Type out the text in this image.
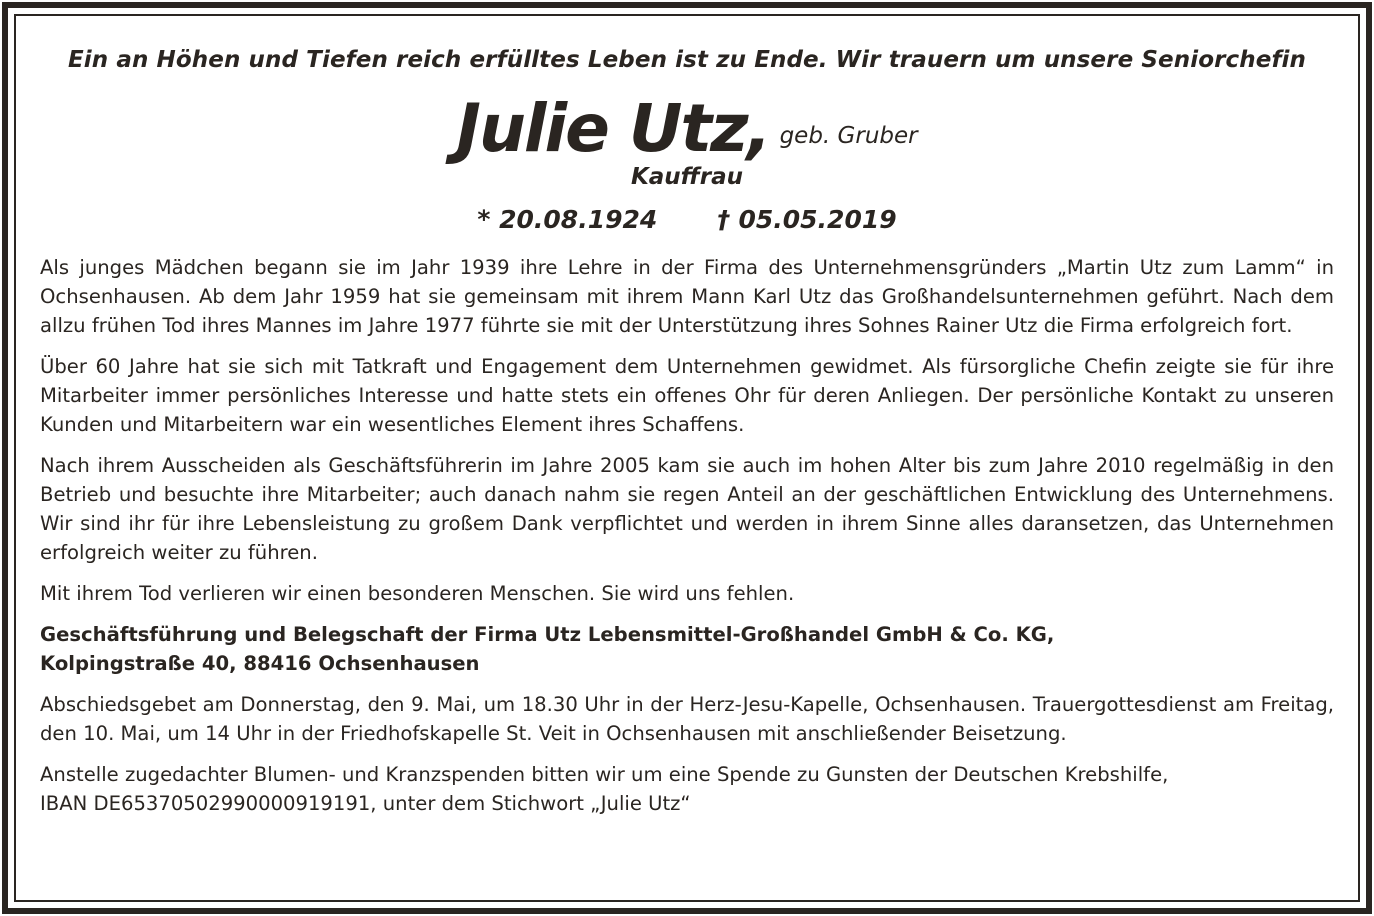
Ein an Höhen und Tiefen reich erfülltes Leben ist zu Ende. Wir trauern um unsere Seniorchefin
Julie Utz, geb. Gruber
Kauffrau
* 20.08.1924 † 05.05.2019

Als junges Mädchen begann sie im Jahr 1939 ihre Lehre in der Firma des Unternehmensgründers „Martin Utz zum Lamm“ in Ochsenhausen. Ab dem Jahr 1959 hat sie gemeinsam mit ihrem Mann Karl Utz das Großhandelsunternehmen geführt. Nach dem allzu frühen Tod ihres Mannes im Jahre 1977 führte sie mit der Unterstützung ihres Sohnes Rainer Utz die Firma erfolgreich fort.

Über 60 Jahre hat sie sich mit Tatkraft und Engagement dem Unternehmen gewidmet. Als fürsorgliche Chefin zeigte sie für ihre Mitarbeiter immer persönliches Interesse und hatte stets ein offenes Ohr für deren Anliegen. Der persönliche Kontakt zu unseren Kunden und Mitarbeitern war ein wesentliches Element ihres Schaffens.

Nach ihrem Ausscheiden als Geschäftsführerin im Jahre 2005 kam sie auch im hohen Alter bis zum Jahre 2010 regelmäßig in den Betrieb und besuchte ihre Mitarbeiter; auch danach nahm sie regen Anteil an der geschäftlichen Entwicklung des Unternehmens. Wir sind ihr für ihre Lebensleistung zu großem Dank verpflichtet und werden in ihrem Sinne alles daransetzen, das Unternehmen erfolgreich weiter zu führen.

Mit ihrem Tod verlieren wir einen besonderen Menschen. Sie wird uns fehlen.

Geschäftsführung und Belegschaft der Firma Utz Lebensmittel-Großhandel GmbH & Co. KG,
Kolpingstraße 40, 88416 Ochsenhausen

Abschiedsgebet am Donnerstag, den 9. Mai, um 18.30 Uhr in der Herz-Jesu-Kapelle, Ochsenhausen. Trauergottesdienst am Freitag, den 10. Mai, um 14 Uhr in der Friedhofskapelle St. Veit in Ochsenhausen mit anschließender Beisetzung.

Anstelle zugedachter Blumen- und Kranzspenden bitten wir um eine Spende zu Gunsten der Deutschen Krebshilfe,
IBAN DE65370502990000919191, unter dem Stichwort „Julie Utz“
